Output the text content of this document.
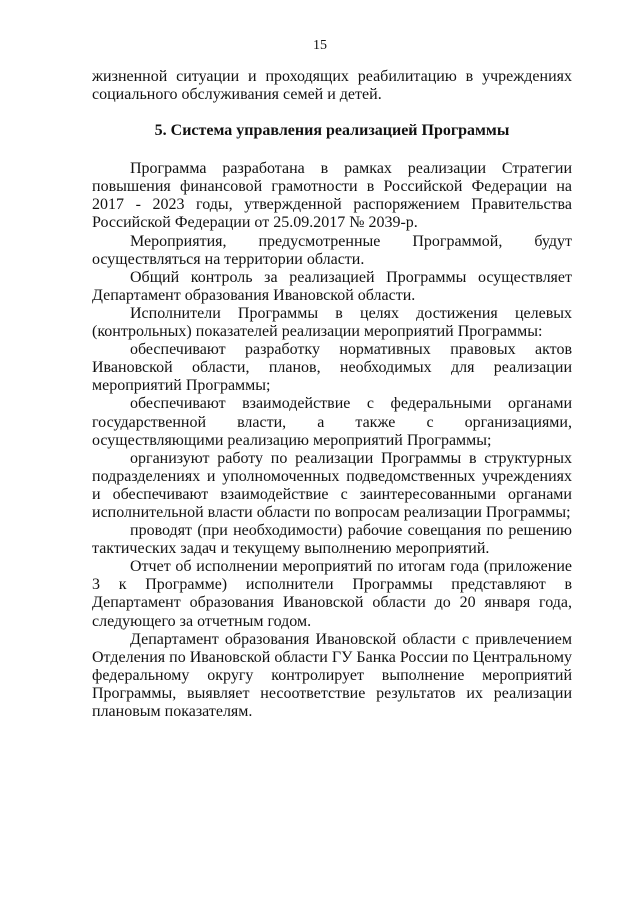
15

жизненной ситуации и проходящих реабилитацию в учреждениях социального обслуживания семей и детей.

5. Система управления реализацией Программы

Программа разработана в рамках реализации Стратегии повышения финансовой грамотности в Российской Федерации на 2017 - 2023 годы, утвержденной распоряжением Правительства Российской Федерации от 25.09.2017 № 2039-р.

Мероприятия, предусмотренные Программой, будут осуществляться на территории области.

Общий контроль за реализацией Программы осуществляет Департамент образования Ивановской области.

Исполнители Программы в целях достижения целевых (контрольных) показателей реализации мероприятий Программы:

обеспечивают разработку нормативных правовых актов Ивановской области, планов, необходимых для реализации мероприятий Программы;

обеспечивают взаимодействие с федеральными органами государственной власти, а также с организациями, осуществляющими реализацию мероприятий Программы;

организуют работу по реализации Программы в структурных подразделениях и уполномоченных подведомственных учреждениях и обеспечивают взаимодействие с заинтересованными органами исполнительной власти области по вопросам реализации Программы;

проводят (при необходимости) рабочие совещания по решению тактических задач и текущему выполнению мероприятий.

Отчет об исполнении мероприятий по итогам года (приложение 3 к Программе) исполнители Программы представляют в Департамент образования Ивановской области до 20 января года, следующего за отчетным годом.

Департамент образования Ивановской области с привлечением Отделения по Ивановской области ГУ Банка России по Центральному федеральному округу контролирует выполнение мероприятий Программы, выявляет несоответствие результатов их реализации плановым показателям.
